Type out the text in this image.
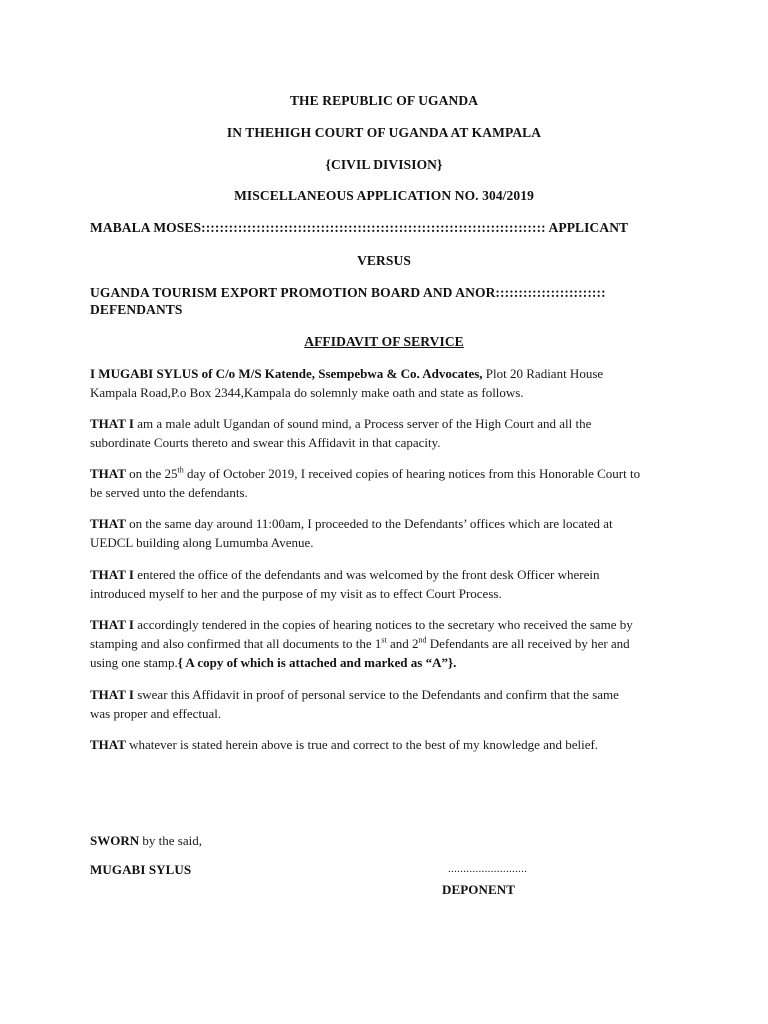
THE REPUBLIC OF UGANDA
IN THEHIGH COURT OF UGANDA AT KAMPALA
{CIVIL DIVISION}
MISCELLANEOUS APPLICATION NO. 304/2019
MABALA MOSES::::::::::::::::::::::::::::::::::::::::::::::::::::::::::::::::::::::::::: APPLICANT
VERSUS
UGANDA TOURISM EXPORT PROMOTION BOARD AND ANOR::::::::::::::::::::::::
DEFENDANTS
AFFIDAVIT OF SERVICE
I MUGABI SYLUS of C/o M/S Katende, Ssempebwa & Co. Advocates, Plot 20 Radiant House
Kampala Road,P.o Box 2344,Kampala do solemnly make oath and state as follows.
THAT I am a male adult Ugandan of sound mind, a Process server of the High Court and all the
subordinate Courts thereto and swear this Affidavit in that capacity.
THAT on the 25th day of October 2019, I received copies of hearing notices from this Honorable Court to
be served unto the defendants.
THAT on the same day around 11:00am, I proceeded to the Defendants’ offices which are located at
UEDCL building along Lumumba Avenue.
THAT I entered the office of the defendants and was welcomed by the front desk Officer wherein
introduced myself to her and the purpose of my visit as to effect Court Process.
THAT I accordingly tendered in the copies of hearing notices to the secretary who received the same by
stamping and also confirmed that all documents to the 1st and 2nd Defendants are all received by her and
using one stamp.{ A copy of which is attached and marked as “A”}.
THAT I swear this Affidavit in proof of personal service to the Defendants and confirm that the same
was proper and effectual.
THAT whatever is stated herein above is true and correct to the best of my knowledge and belief.
SWORN by the said,
MUGABI SYLUS	..........................
DEPONENT
